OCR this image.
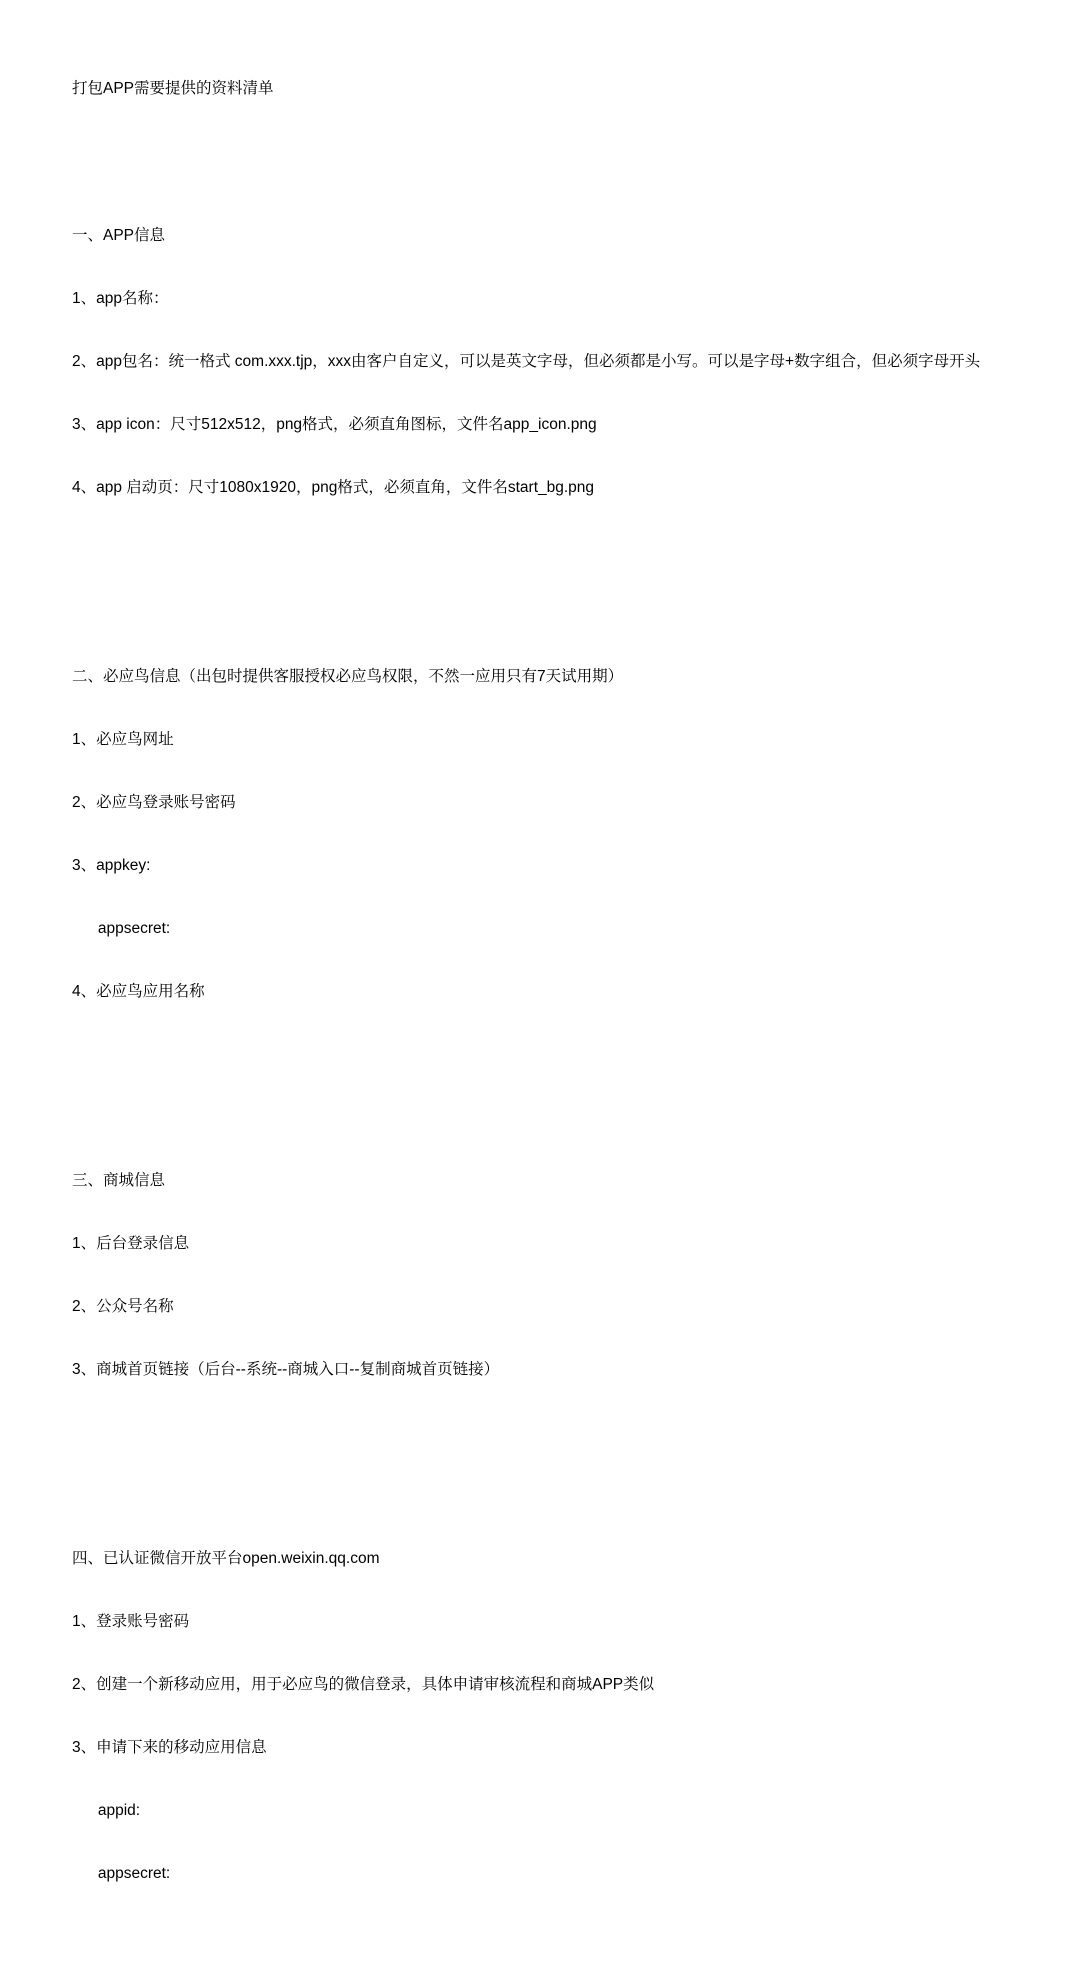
打包APP需要提供的资料清单

一、APP信息

1、app名称：

2、app包名：统一格式 com.xxx.tjp，xxx由客户自定义，可以是英文字母，但必须都是小写。可以是字母+数字组合，但必须字母开头

3、app icon：尺寸512x512，png格式，必须直角图标，文件名app_icon.png

4、app 启动页：尺寸1080x1920，png格式，必须直角，文件名start_bg.png

二、必应鸟信息（出包时提供客服授权必应鸟权限，不然一应用只有7天试用期）

1、必应鸟网址

2、必应鸟登录账号密码

3、appkey:

appsecret:

4、必应鸟应用名称

三、商城信息

1、后台登录信息

2、公众号名称

3、商城首页链接（后台--系统--商城入口--复制商城首页链接）

四、已认证微信开放平台open.weixin.qq.com

1、登录账号密码

2、创建一个新移动应用，用于必应鸟的微信登录，具体申请审核流程和商城APP类似

3、申请下来的移动应用信息

appid:

appsecret:
